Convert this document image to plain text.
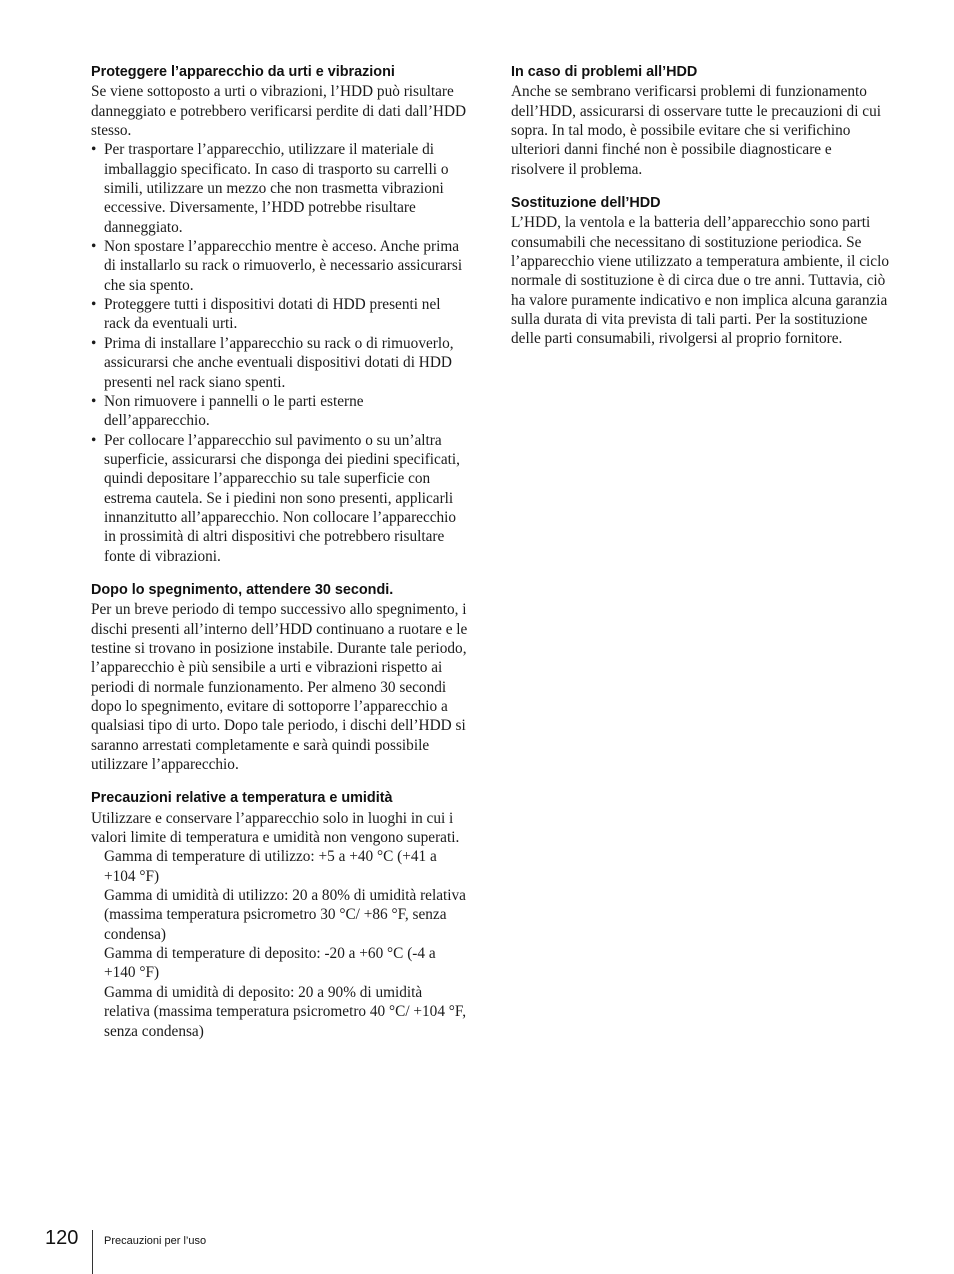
Proteggere l’apparecchio da urti e vibrazioni

Se viene sottoposto a urti o vibrazioni, l’HDD può risultare danneggiato e potrebbero verificarsi perdite di dati dall’HDD stesso.

• Per trasportare l’apparecchio, utilizzare il materiale di imballaggio specificato. In caso di trasporto su carrelli o simili, utilizzare un mezzo che non trasmetta vibrazioni eccessive. Diversamente, l’HDD potrebbe risultare danneggiato.
• Non spostare l’apparecchio mentre è acceso. Anche prima di installarlo su rack o rimuoverlo, è necessario assicurarsi che sia spento.
• Proteggere tutti i dispositivi dotati di HDD presenti nel rack da eventuali urti.
• Prima di installare l’apparecchio su rack o di rimuoverlo, assicurarsi che anche eventuali dispositivi dotati di HDD presenti nel rack siano spenti.
• Non rimuovere i pannelli o le parti esterne dell’apparecchio.
• Per collocare l’apparecchio sul pavimento o su un’altra superficie, assicurarsi che disponga dei piedini specificati, quindi depositare l’apparecchio su tale superficie con estrema cautela. Se i piedini non sono presenti, applicarli innanzitutto all’apparecchio. Non collocare l’apparecchio in prossimità di altri dispositivi che potrebbero risultare fonte di vibrazioni.
Dopo lo spegnimento, attendere 30 secondi.

Per un breve periodo di tempo successivo allo spegnimento, i dischi presenti all’interno dell’HDD continuano a ruotare e le testine si trovano in posizione instabile. Durante tale periodo, l’apparecchio è più sensibile a urti e vibrazioni rispetto ai periodi di normale funzionamento. Per almeno 30 secondi dopo lo spegnimento, evitare di sottoporre l’apparecchio a qualsiasi tipo di urto. Dopo tale periodo, i dischi dell’HDD si saranno arrestati completamente e sarà quindi possibile utilizzare l’apparecchio.

Precauzioni relative a temperatura e umidità

Utilizzare e conservare l’apparecchio solo in luoghi in cui i valori limite di temperatura e umidità non vengono superati.

Gamma di temperature di utilizzo: +5 a +40 °C (+41 a +104 °F)

Gamma di umidità di utilizzo: 20 a 80% di umidità relativa (massima temperatura psicrometro 30 °C/ +86 °F, senza condensa)

Gamma di temperature di deposito: -20 a +60 °C (-4 a +140 °F)

Gamma di umidità di deposito: 20 a 90% di umidità relativa (massima temperatura psicrometro 40 °C/ +104 °F, senza condensa)

In caso di problemi all’HDD

Anche se sembrano verificarsi problemi di funzionamento dell’HDD, assicurarsi di osservare tutte le precauzioni di cui sopra. In tal modo, è possibile evitare che si verifichino ulteriori danni finché non è possibile diagnosticare e risolvere il problema.

Sostituzione dell’HDD

L’HDD, la ventola e la batteria dell’apparecchio sono parti consumabili che necessitano di sostituzione periodica. Se l’apparecchio viene utilizzato a temperatura ambiente, il ciclo normale di sostituzione è di circa due o tre anni. Tuttavia, ciò ha valore puramente indicativo e non implica alcuna garanzia sulla durata di vita prevista di tali parti. Per la sostituzione delle parti consumabili, rivolgersi al proprio fornitore.

120 Precauzioni per l’uso
